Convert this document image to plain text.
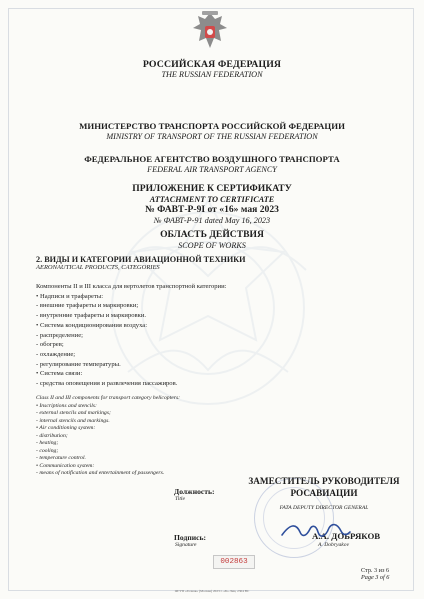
РОССИЙСКАЯ ФЕДЕРАЦИЯ
THE RUSSIAN FEDERATION
МИНИСТЕРСТВО ТРАНСПОРТА РОССИЙСКОЙ ФЕДЕРАЦИИ
MINISTRY OF TRANSPORT OF THE RUSSIAN FEDERATION
ФЕДЕРАЛЬНОЕ АГЕНТСТВО ВОЗДУШНОГО ТРАНСПОРТА
FEDERAL AIR TRANSPORT AGENCY
ПРИЛОЖЕНИЕ К СЕРТИФИКАТУ
ATTACHMENT TO CERTIFICATE
№ ФАВТ-Р-9I от «16» мая 2023
№ ФАВТ-Р-91 dated May 16, 2023
ОБЛАСТЬ ДЕЙСТВИЯ
SCOPE OF WORKS
2. ВИДЫ И КАТЕГОРИИ АВИАЦИОННОЙ ТЕХНИКИ
AERONAUTICAL PRODUCTS, CATEGORIES
Компоненты II и III класса для вертолетов транспортной категории:
• Надписи и трафареты:
- внешние трафареты и маркировки;
- внутренние трафареты и маркировки.
• Система кондиционирования воздуха:
- распределение;
- обогрев;
- охлаждение;
- регулирование температуры.
• Система связи:
- средства оповещения и развлечения пассажиров.
Class II and III components for transport category helicopters:
• Inscriptions and stencils:
- external stencils and markings;
- internal stencils and markings.
• Air conditioning system:
- distribution;
- heating;
- cooling;
- temperature control.
• Communication system:
- means of notification and entertainment of passengers.
Должность:
Title
Подпись:
Signature
ЗАМЕСТИТЕЛЬ РУКОВОДИТЕЛЯ
РОСАВИАЦИИ
FATA DEPUTY DIRECTOR GENERAL
А.А. ДОБРЯКОВ
A. Dobryakov
002863
Стр. 3 из 6
Page 3 of 6
ФГУП «Гознак» (Москва) 2023 г. «Б» Лиц. 2304 ВС
